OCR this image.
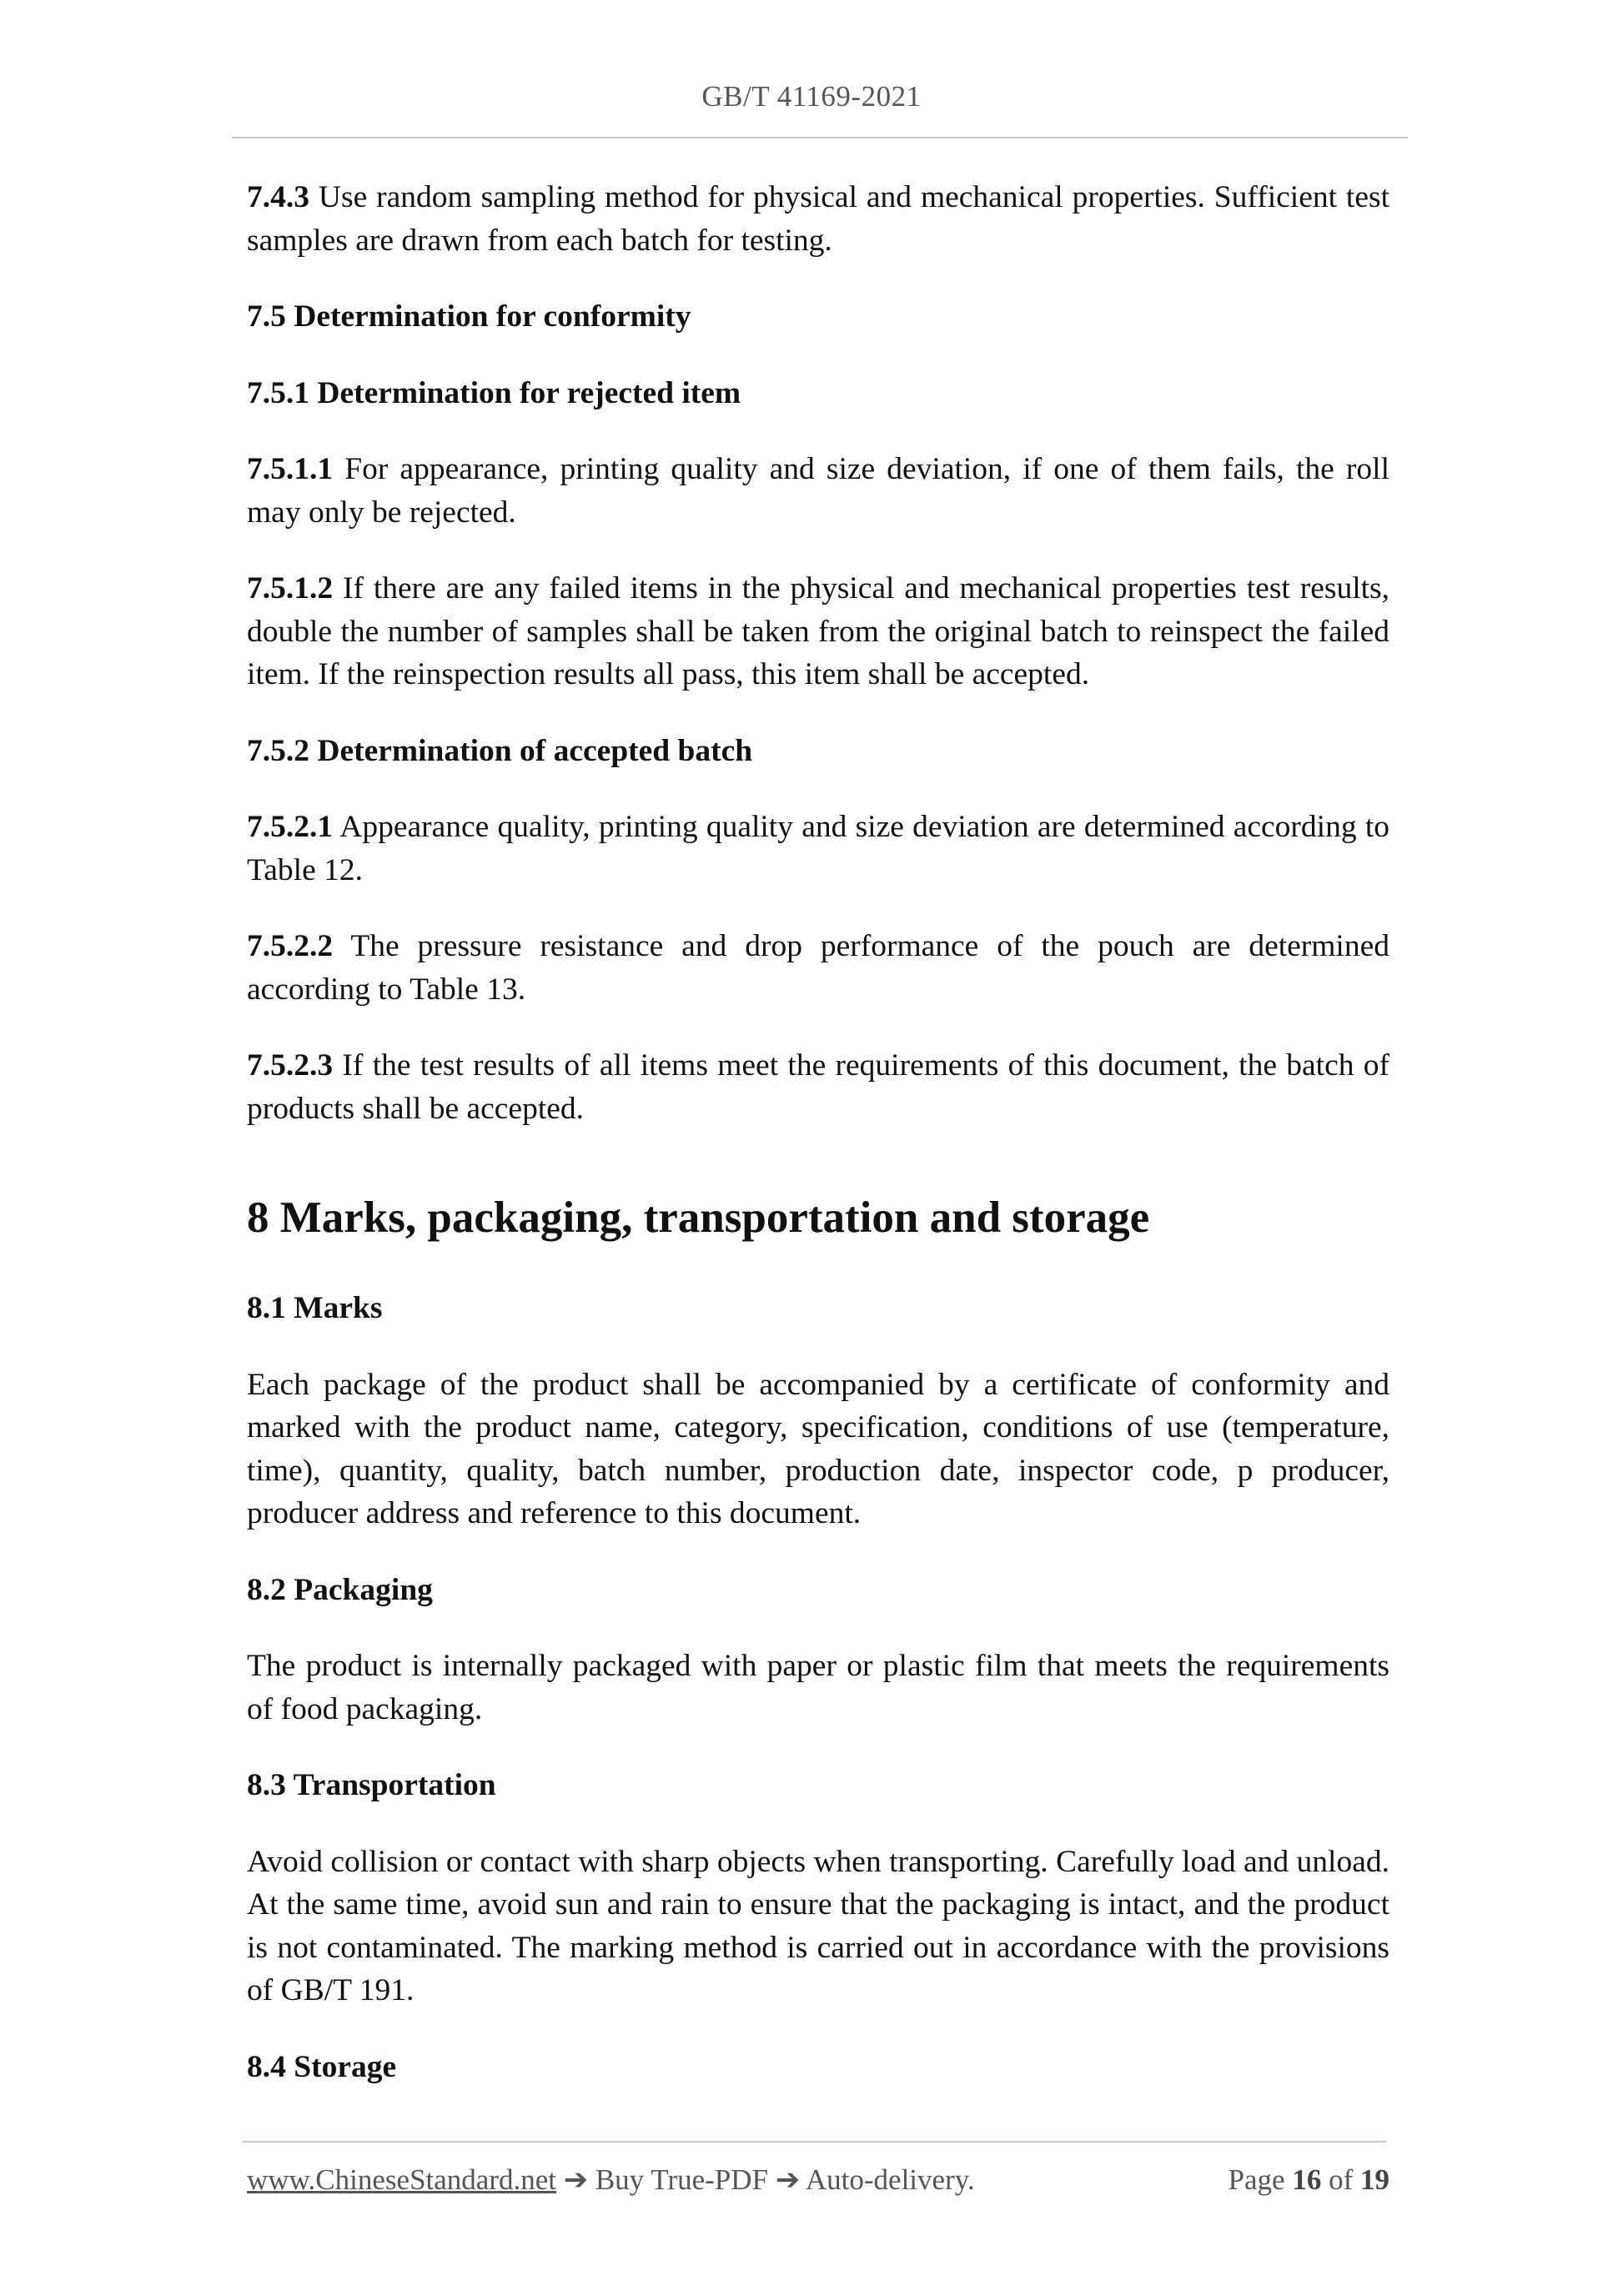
GB/T 41169-2021

7.4.3 Use random sampling method for physical and mechanical properties. Sufficient test samples are drawn from each batch for testing.

7.5 Determination for conformity

7.5.1 Determination for rejected item

7.5.1.1 For appearance, printing quality and size deviation, if one of them fails, the roll may only be rejected.

7.5.1.2 If there are any failed items in the physical and mechanical properties test results, double the number of samples shall be taken from the original batch to reinspect the failed item. If the reinspection results all pass, this item shall be accepted.

7.5.2 Determination of accepted batch

7.5.2.1 Appearance quality, printing quality and size deviation are determined according to Table 12.

7.5.2.2 The pressure resistance and drop performance of the pouch are determined according to Table 13.

7.5.2.3 If the test results of all items meet the requirements of this document, the batch of products shall be accepted.

8 Marks, packaging, transportation and storage

8.1 Marks

Each package of the product shall be accompanied by a certificate of conformity and marked with the product name, category, specification, conditions of use (temperature, time), quantity, quality, batch number, production date, inspector code, p producer, producer address and reference to this document.

8.2 Packaging

The product is internally packaged with paper or plastic film that meets the requirements of food packaging.

8.3 Transportation

Avoid collision or contact with sharp objects when transporting. Carefully load and unload. At the same time, avoid sun and rain to ensure that the packaging is intact, and the product is not contaminated. The marking method is carried out in accordance with the provisions of GB/T 191.

8.4 Storage

www.ChineseStandard.net ➔ Buy True-PDF ➔ Auto-delivery.	Page 16 of 19
